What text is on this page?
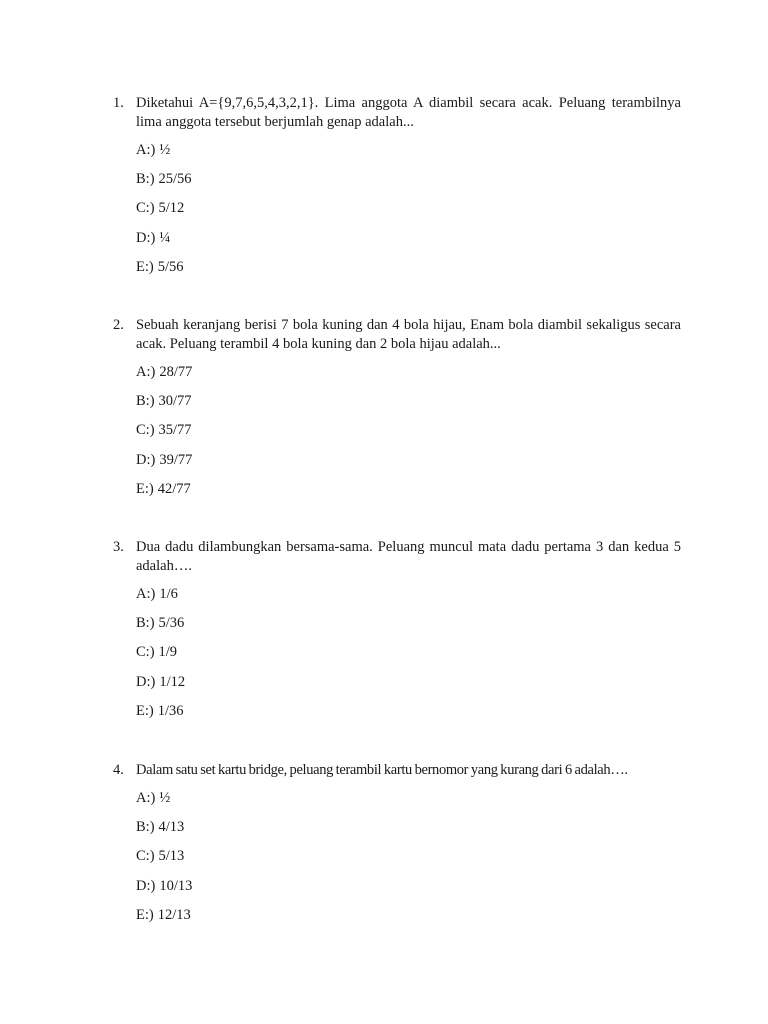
1. Diketahui A={9,7,6,5,4,3,2,1}. Lima anggota A diambil secara acak. Peluang terambilnya lima anggota tersebut berjumlah genap adalah...
A:) ½
B:) 25/56
C:) 5/12
D:) ¼
E:) 5/56
2. Sebuah keranjang berisi 7 bola kuning dan 4 bola hijau, Enam bola diambil sekaligus secara acak. Peluang terambil 4 bola kuning dan 2 bola hijau adalah...
A:) 28/77
B:) 30/77
C:) 35/77
D:) 39/77
E:) 42/77
3. Dua dadu dilambungkan bersama-sama. Peluang muncul mata dadu pertama 3 dan kedua 5 adalah….
A:) 1/6
B:) 5/36
C:) 1/9
D:) 1/12
E:) 1/36
4. Dalam satu set kartu bridge, peluang terambil kartu bernomor yang kurang dari 6 adalah….
A:) ½
B:) 4/13
C:) 5/13
D:) 10/13
E:) 12/13
